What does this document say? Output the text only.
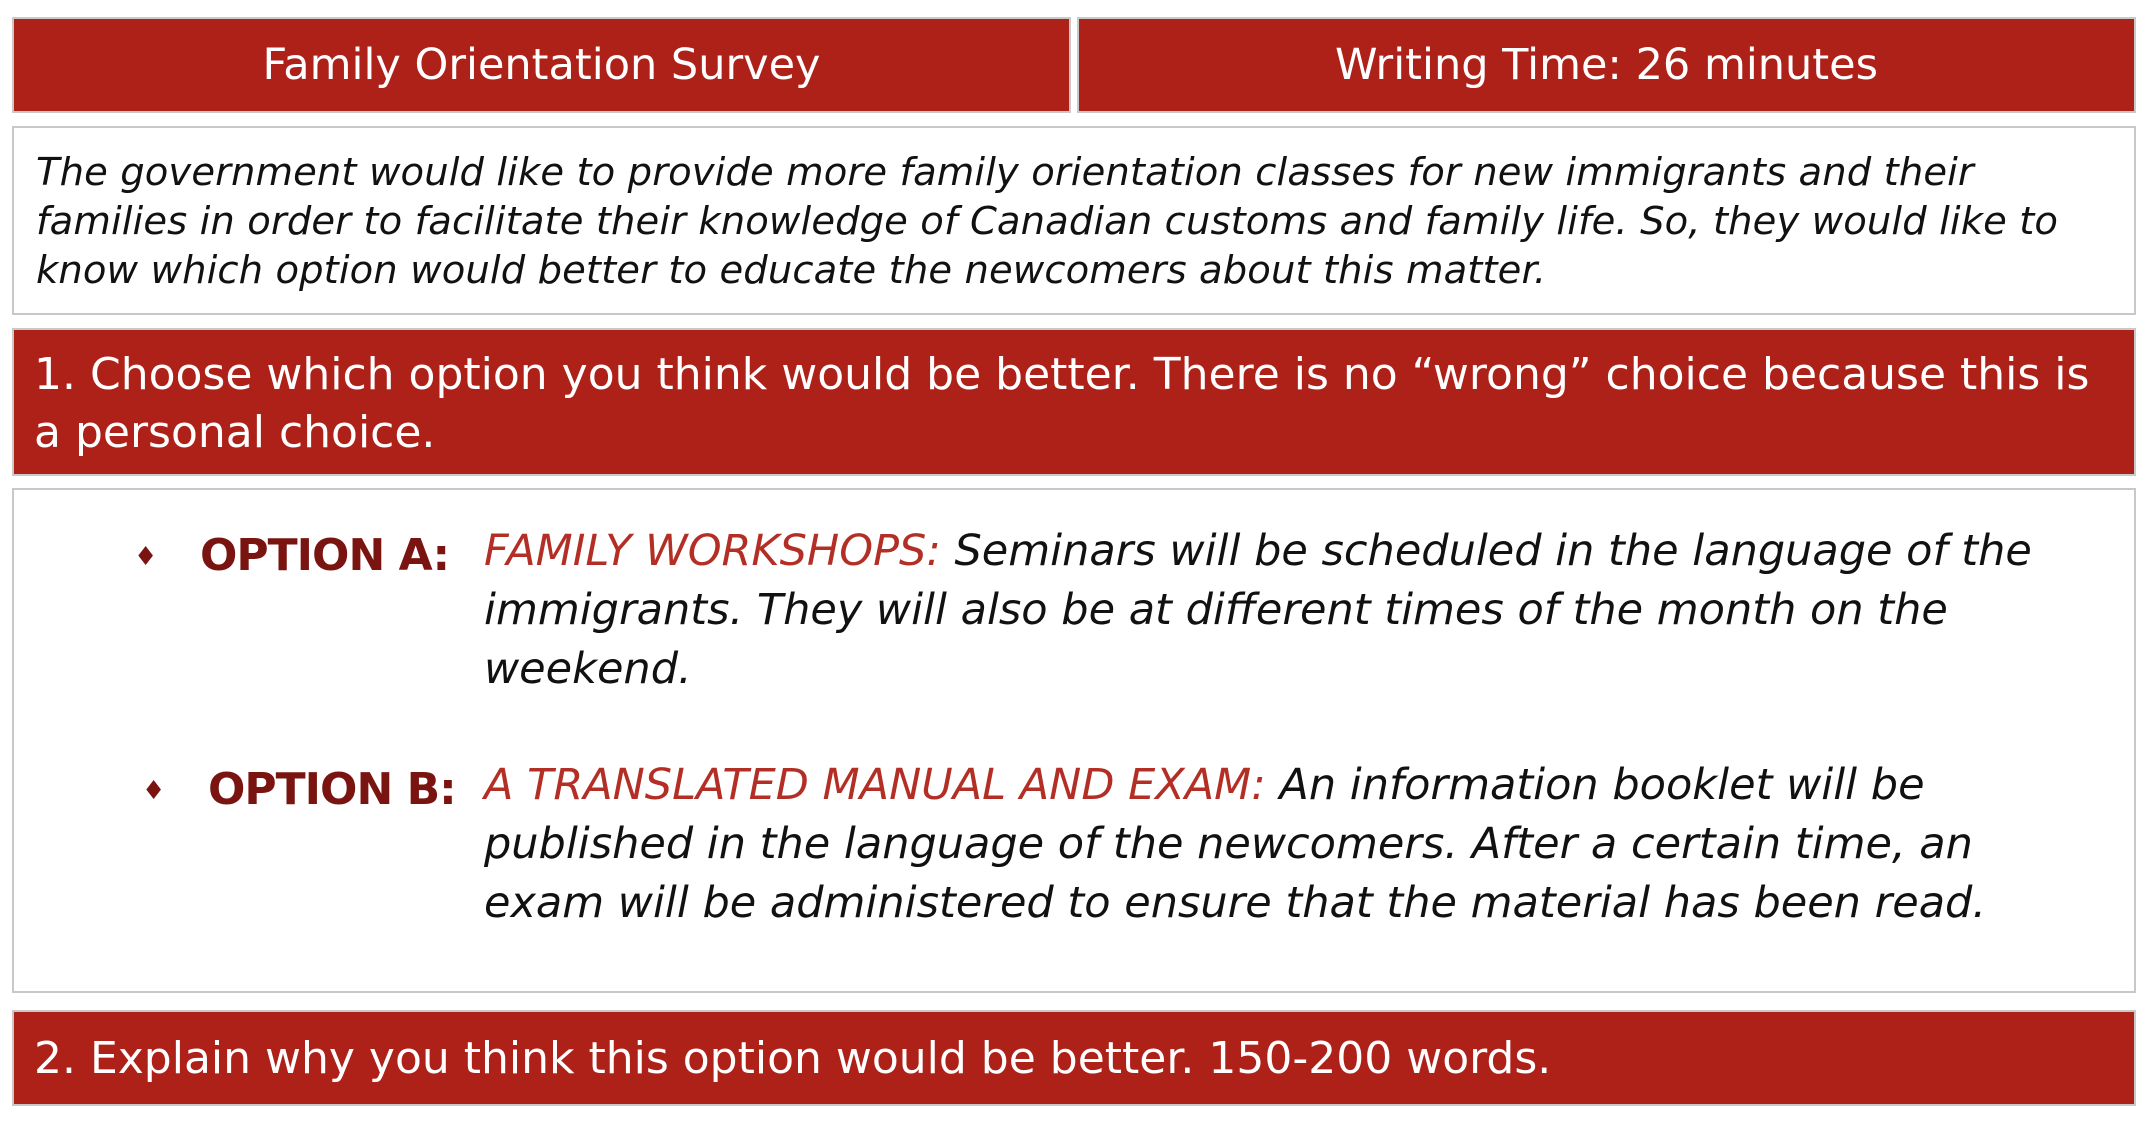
Family Orientation Survey	Writing Time: 26 minutes
The government would like to provide more family orientation classes for new immigrants and their families in order to facilitate their knowledge of Canadian customs and family life. So, they would like to know which option would better to educate the newcomers about this matter.
1. Choose which option you think would be better. There is no “wrong” choice because this is a personal choice.
♦ OPTION A: FAMILY WORKSHOPS: Seminars will be scheduled in the language of the immigrants. They will also be at different times of the month on the weekend.
♦ OPTION B: A TRANSLATED MANUAL AND EXAM: An information booklet will be published in the language of the newcomers. After a certain time, an exam will be administered to ensure that the material has been read.
2. Explain why you think this option would be better. 150-200 words.
